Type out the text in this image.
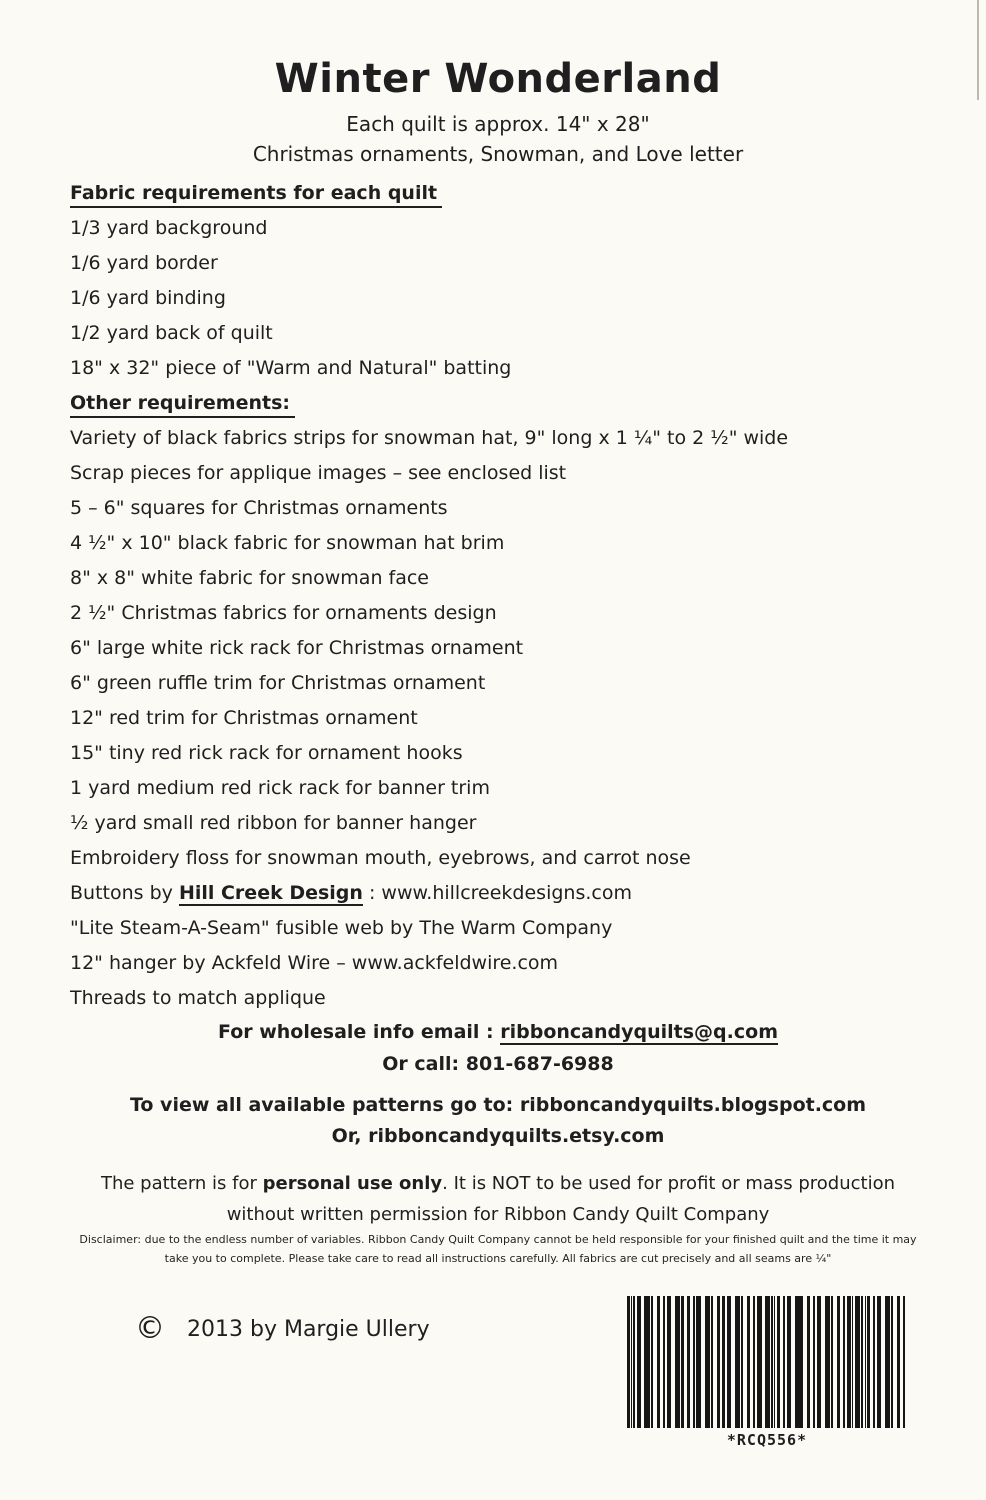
Winter Wonderland
Each quilt is approx. 14" x 28"
Christmas ornaments, Snowman, and Love letter
Fabric requirements for each quilt
1/3 yard background
1/6 yard border
1/6 yard binding
1/2 yard back of quilt
18" x 32" piece of "Warm and Natural" batting
Other requirements:
Variety of black fabrics strips for snowman hat, 9" long x 1 ¼" to 2 ½" wide
Scrap pieces for applique images – see enclosed list
5 – 6" squares for Christmas ornaments
4 ½" x 10" black fabric for snowman hat brim
8" x 8" white fabric for snowman face
2 ½" Christmas fabrics for ornaments design
6" large white rick rack for Christmas ornament
6" green ruffle trim for Christmas ornament
12" red trim for Christmas ornament
15" tiny red rick rack for ornament hooks
1 yard medium red rick rack for banner trim
½ yard small red ribbon for banner hanger
Embroidery floss for snowman mouth, eyebrows, and carrot nose
Buttons by Hill Creek Design : www.hillcreekdesigns.com
"Lite Steam-A-Seam" fusible web by The Warm Company
12" hanger by Ackfeld Wire – www.ackfeldwire.com
Threads to match applique
For wholesale info email : ribboncandyquilts@q.com
Or call: 801-687-6988
To view all available patterns go to: ribboncandyquilts.blogspot.com
Or, ribboncandyquilts.etsy.com
The pattern is for personal use only. It is NOT to be used for profit or mass production
without written permission for Ribbon Candy Quilt Company
Disclaimer: due to the endless number of variables. Ribbon Candy Quilt Company cannot be held responsible for your finished quilt and the time it may
take you to complete. Please take care to read all instructions carefully. All fabrics are cut precisely and all seams are ¼"
© 2013 by Margie Ullery
*RCQ556*
